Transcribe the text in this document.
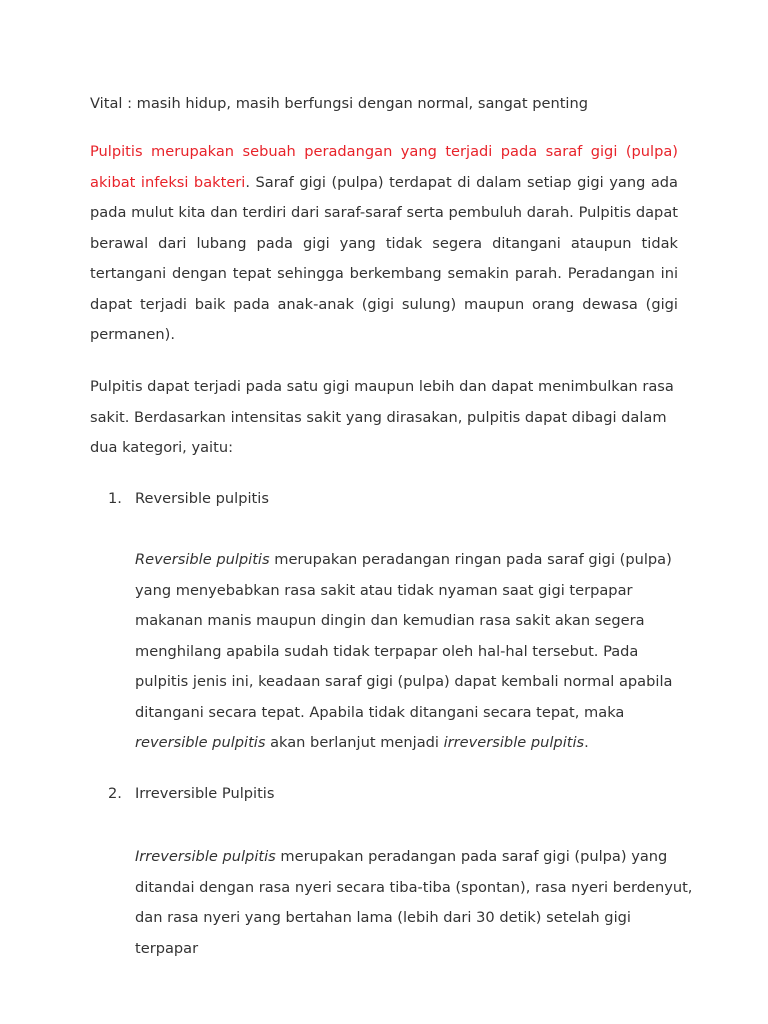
Vital : masih hidup, masih berfungsi dengan normal, sangat penting

Pulpitis merupakan sebuah peradangan yang terjadi pada saraf gigi (pulpa) akibat infeksi bakteri. Saraf gigi (pulpa) terdapat di dalam setiap gigi yang ada pada mulut kita dan terdiri dari saraf-saraf serta pembuluh darah. Pulpitis dapat berawal dari lubang pada gigi yang tidak segera ditangani ataupun tidak tertangani dengan tepat sehingga berkembang semakin parah. Peradangan ini dapat terjadi baik pada anak-anak (gigi sulung) maupun orang dewasa (gigi permanen).

Pulpitis dapat terjadi pada satu gigi maupun lebih dan dapat menimbulkan rasa sakit. Berdasarkan intensitas sakit yang dirasakan, pulpitis dapat dibagi dalam dua kategori, yaitu:

1. Reversible pulpitis

Reversible pulpitis merupakan peradangan ringan pada saraf gigi (pulpa) yang menyebabkan rasa sakit atau tidak nyaman saat gigi terpapar makanan manis maupun dingin dan kemudian rasa sakit akan segera menghilang apabila sudah tidak terpapar oleh hal-hal tersebut. Pada pulpitis jenis ini, keadaan saraf gigi (pulpa) dapat kembali normal apabila ditangani secara tepat. Apabila tidak ditangani secara tepat, maka reversible pulpitis akan berlanjut menjadi irreversible pulpitis.

2. Irreversible Pulpitis

Irreversible pulpitis merupakan peradangan pada saraf gigi (pulpa) yang ditandai dengan rasa nyeri secara tiba-tiba (spontan), rasa nyeri berdenyut, dan rasa nyeri yang bertahan lama (lebih dari 30 detik) setelah gigi terpapar
